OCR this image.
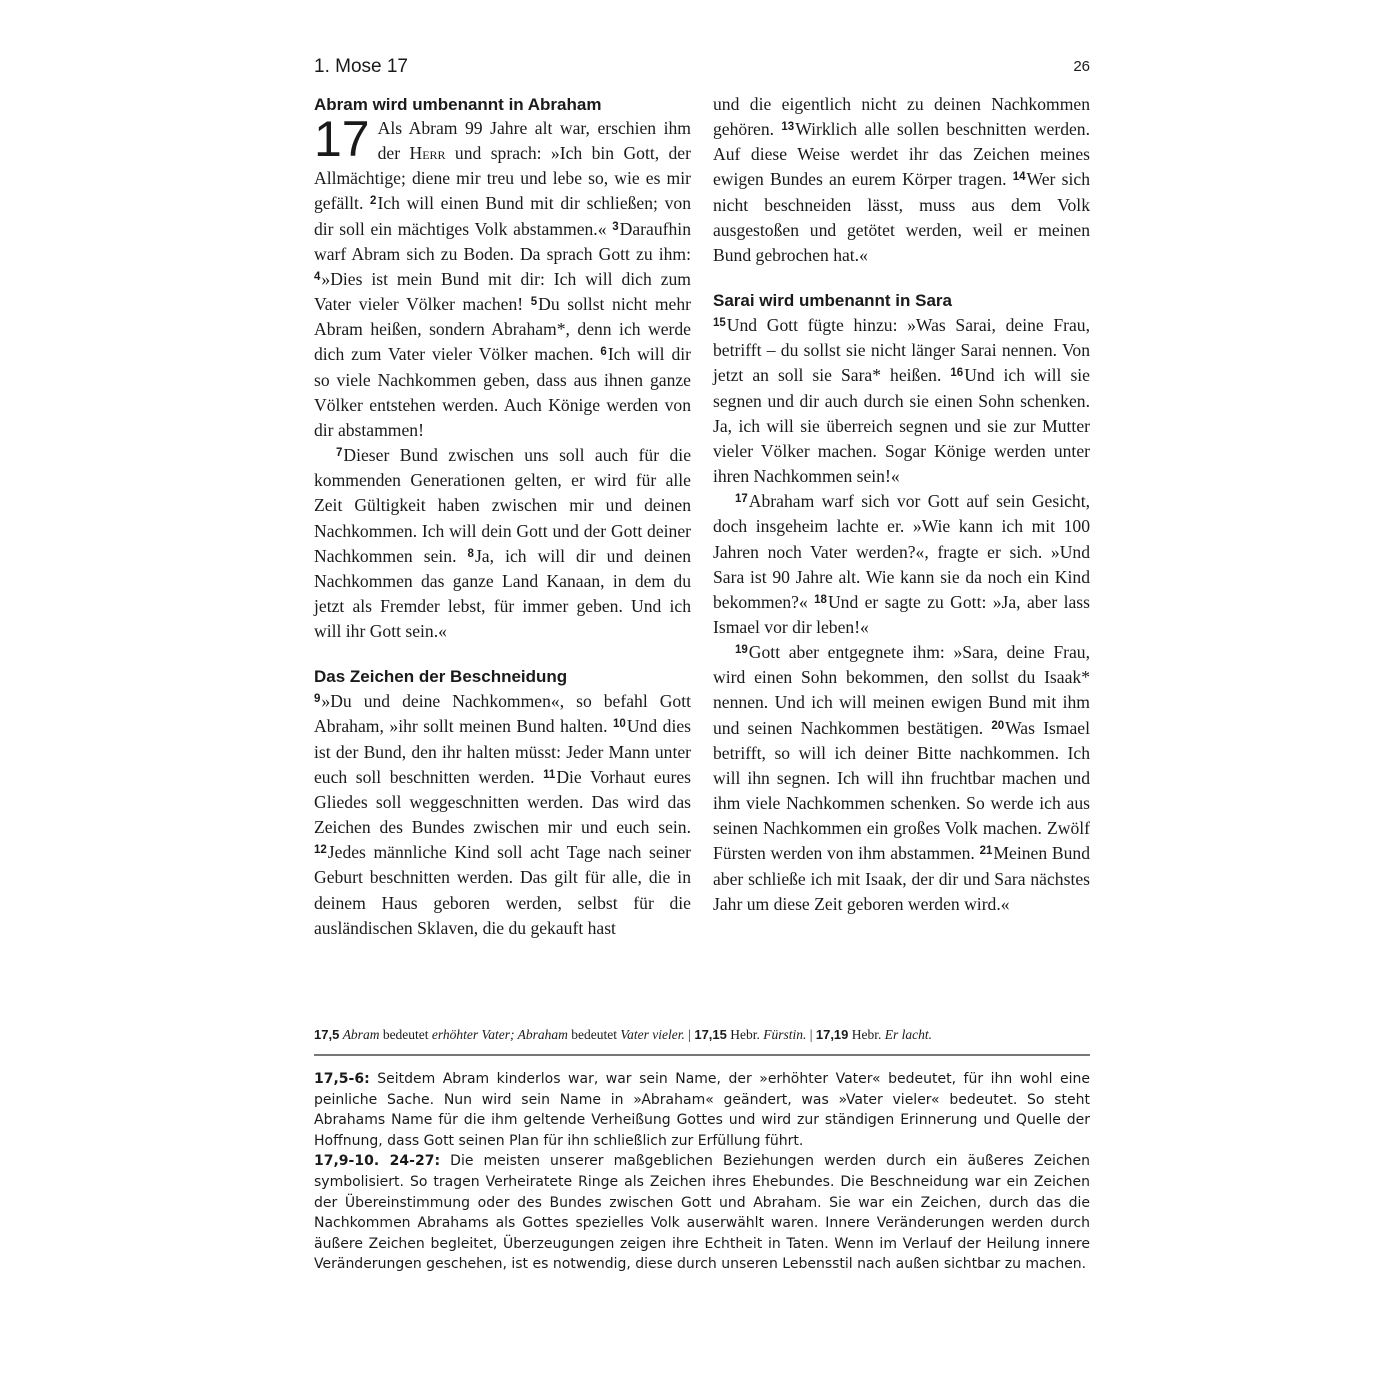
1. Mose 17	26
Abram wird umbenannt in Abraham

17 Als Abram 99 Jahre alt war, erschien ihm der Herr und sprach: »Ich bin Gott, der Allmächtige; diene mir treu und lebe so, wie es mir gefällt. $^2$Ich will einen Bund mit dir schließen; von dir soll ein mächtiges Volk abstammen.« $^3$Daraufhin warf Abram sich zu Boden. Da sprach Gott zu ihm: $^4$»Dies ist mein Bund mit dir: Ich will dich zum Vater vieler Völker machen! $^5$Du sollst nicht mehr Abram heißen, sondern Abraham*, denn ich werde dich zum Vater vieler Völker machen. $^6$Ich will dir so viele Nachkommen geben, dass aus ihnen ganze Völker entstehen werden. Auch Könige werden von dir abstammen!

$^7$Dieser Bund zwischen uns soll auch für die kommenden Generationen gelten, er wird für alle Zeit Gültigkeit haben zwischen mir und deinen Nachkommen. Ich will dein Gott und der Gott deiner Nachkommen sein. $^8$Ja, ich will dir und deinen Nachkommen das ganze Land Kanaan, in dem du jetzt als Fremder lebst, für immer geben. Und ich will ihr Gott sein.«

Das Zeichen der Beschneidung

$^9$»Du und deine Nachkommen«, so befahl Gott Abraham, »ihr sollt meinen Bund halten. $^{10}$Und dies ist der Bund, den ihr halten müsst: Jeder Mann unter euch soll beschnitten werden. $^{11}$Die Vorhaut eures Gliedes soll weggeschnitten werden. Das wird das Zeichen des Bundes zwischen mir und euch sein. $^{12}$Jedes männliche Kind soll acht Tage nach seiner Geburt beschnitten werden. Das gilt für alle, die in deinem Haus geboren werden, selbst für die ausländischen Sklaven, die du gekauft hast

und die eigentlich nicht zu deinen Nachkommen gehören. $^{13}$Wirklich alle sollen beschnitten werden. Auf diese Weise werdet ihr das Zeichen meines ewigen Bundes an eurem Körper tragen. $^{14}$Wer sich nicht beschneiden lässt, muss aus dem Volk ausgestoßen und getötet werden, weil er meinen Bund gebrochen hat.«

Sarai wird umbenannt in Sara

$^{15}$Und Gott fügte hinzu: »Was Sarai, deine Frau, betrifft – du sollst sie nicht länger Sarai nennen. Von jetzt an soll sie Sara* heißen. $^{16}$Und ich will sie segnen und dir auch durch sie einen Sohn schenken. Ja, ich will sie überreich segnen und sie zur Mutter vieler Völker machen. Sogar Könige werden unter ihren Nachkommen sein!«

$^{17}$Abraham warf sich vor Gott auf sein Gesicht, doch insgeheim lachte er. »Wie kann ich mit 100 Jahren noch Vater werden?«, fragte er sich. »Und Sara ist 90 Jahre alt. Wie kann sie da noch ein Kind bekommen?« $^{18}$Und er sagte zu Gott: »Ja, aber lass Ismael vor dir leben!«

$^{19}$Gott aber entgegnete ihm: »Sara, deine Frau, wird einen Sohn bekommen, den sollst du Isaak* nennen. Und ich will meinen ewigen Bund mit ihm und seinen Nachkommen bestätigen. $^{20}$Was Ismael betrifft, so will ich deiner Bitte nachkommen. Ich will ihn segnen. Ich will ihn fruchtbar machen und ihm viele Nachkommen schenken. So werde ich aus seinen Nachkommen ein großes Volk machen. Zwölf Fürsten werden von ihm abstammen. $^{21}$Meinen Bund aber schließe ich mit Isaak, der dir und Sara nächstes Jahr um diese Zeit geboren werden wird.«

17,5 Abram bedeutet erhöhter Vater; Abraham bedeutet Vater vieler. | 17,15 Hebr. Fürstin. | 17,19 Hebr. Er lacht.

17,5-6: Seitdem Abram kinderlos war, war sein Name, der »erhöhter Vater« bedeutet, für ihn wohl eine peinliche Sache. Nun wird sein Name in »Abraham« geändert, was »Vater vieler« bedeutet. So steht Abrahams Name für die ihm geltende Verheißung Gottes und wird zur ständigen Erinnerung und Quelle der Hoffnung, dass Gott seinen Plan für ihn schließlich zur Erfüllung führt.

17,9-10. 24-27: Die meisten unserer maßgeblichen Beziehungen werden durch ein äußeres Zeichen symbolisiert. So tragen Verheiratete Ringe als Zeichen ihres Ehebundes. Die Beschneidung war ein Zeichen der Übereinstimmung oder des Bundes zwischen Gott und Abraham. Sie war ein Zeichen, durch das die Nachkommen Abrahams als Gottes spezielles Volk auserwählt waren. Innere Veränderungen werden durch äußere Zeichen begleitet, Überzeugungen zeigen ihre Echtheit in Taten. Wenn im Verlauf der Heilung innere Veränderungen geschehen, ist es notwendig, diese durch unseren Lebensstil nach außen sichtbar zu machen.
